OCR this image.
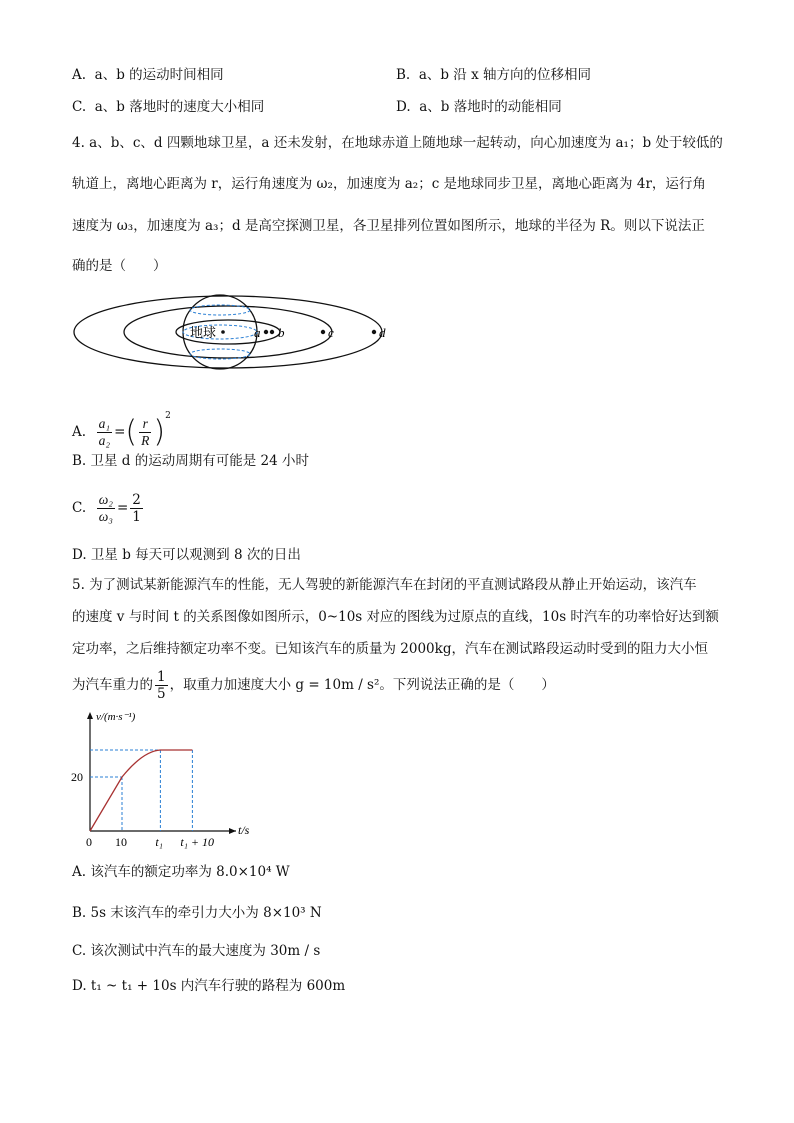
A. a、b 的运动时间相同	B. a、b 沿 x 轴方向的位移相同
C. a、b 落地时的速度大小相同	D. a、b 落地时的动能相同
4. a、b、c、d 四颗地球卫星，a 还未发射，在地球赤道上随地球一起转动，向心加速度为 a₁；b 处于较低的
轨道上，离地心距离为 r，运行角速度为 ω₂，加速度为 a₂；c 是地球同步卫星，离地心距离为 4r，运行角
速度为 ω₃，加速度为 a₃；d 是高空探测卫星，各卫星排列位置如图所示，地球的半径为 R。则以下说法正
确的是（　　）
地球	a b	c	d
A. $\frac{\text{a₁}}{\text{a₂}}$ =( $\frac{r}{R} )^2$
B. 卫星 d 的运动周期有可能是 24 小时
C. $\frac{\text{ω₂}}{\text{ω₃}} = \frac{2}{1}$
D. 卫星 b 每天可以观测到 8 次的日出
5. 为了测试某新能源汽车的性能，无人驾驶的新能源汽车在封闭的平直测试路段从静止开始运动，该汽车
的速度 v 与时间 t 的关系图像如图所示，0~10s 对应的图线为过原点的直线，10s 时汽车的功率恰好达到额
定功率，之后维持额定功率不变。已知该汽车的质量为 2000kg，汽车在测试路段运动时受到的阻力大小恒
为汽车重力的 $\frac{1}{5}$ ，取重力加速度大小 g = 10m / s²。下列说法正确的是（　　）
v/(m·s⁻¹)
t/s
20
0 10 t₁ t₁ + 10
A. 该汽车的额定功率为 8.0×10⁴ W
B. 5s 末该汽车的牵引力大小为 8×10³ N
C. 该次测试中汽车的最大速度为 30m / s
D. t₁ ~ t₁ + 10s 内汽车行驶的路程为 600m
